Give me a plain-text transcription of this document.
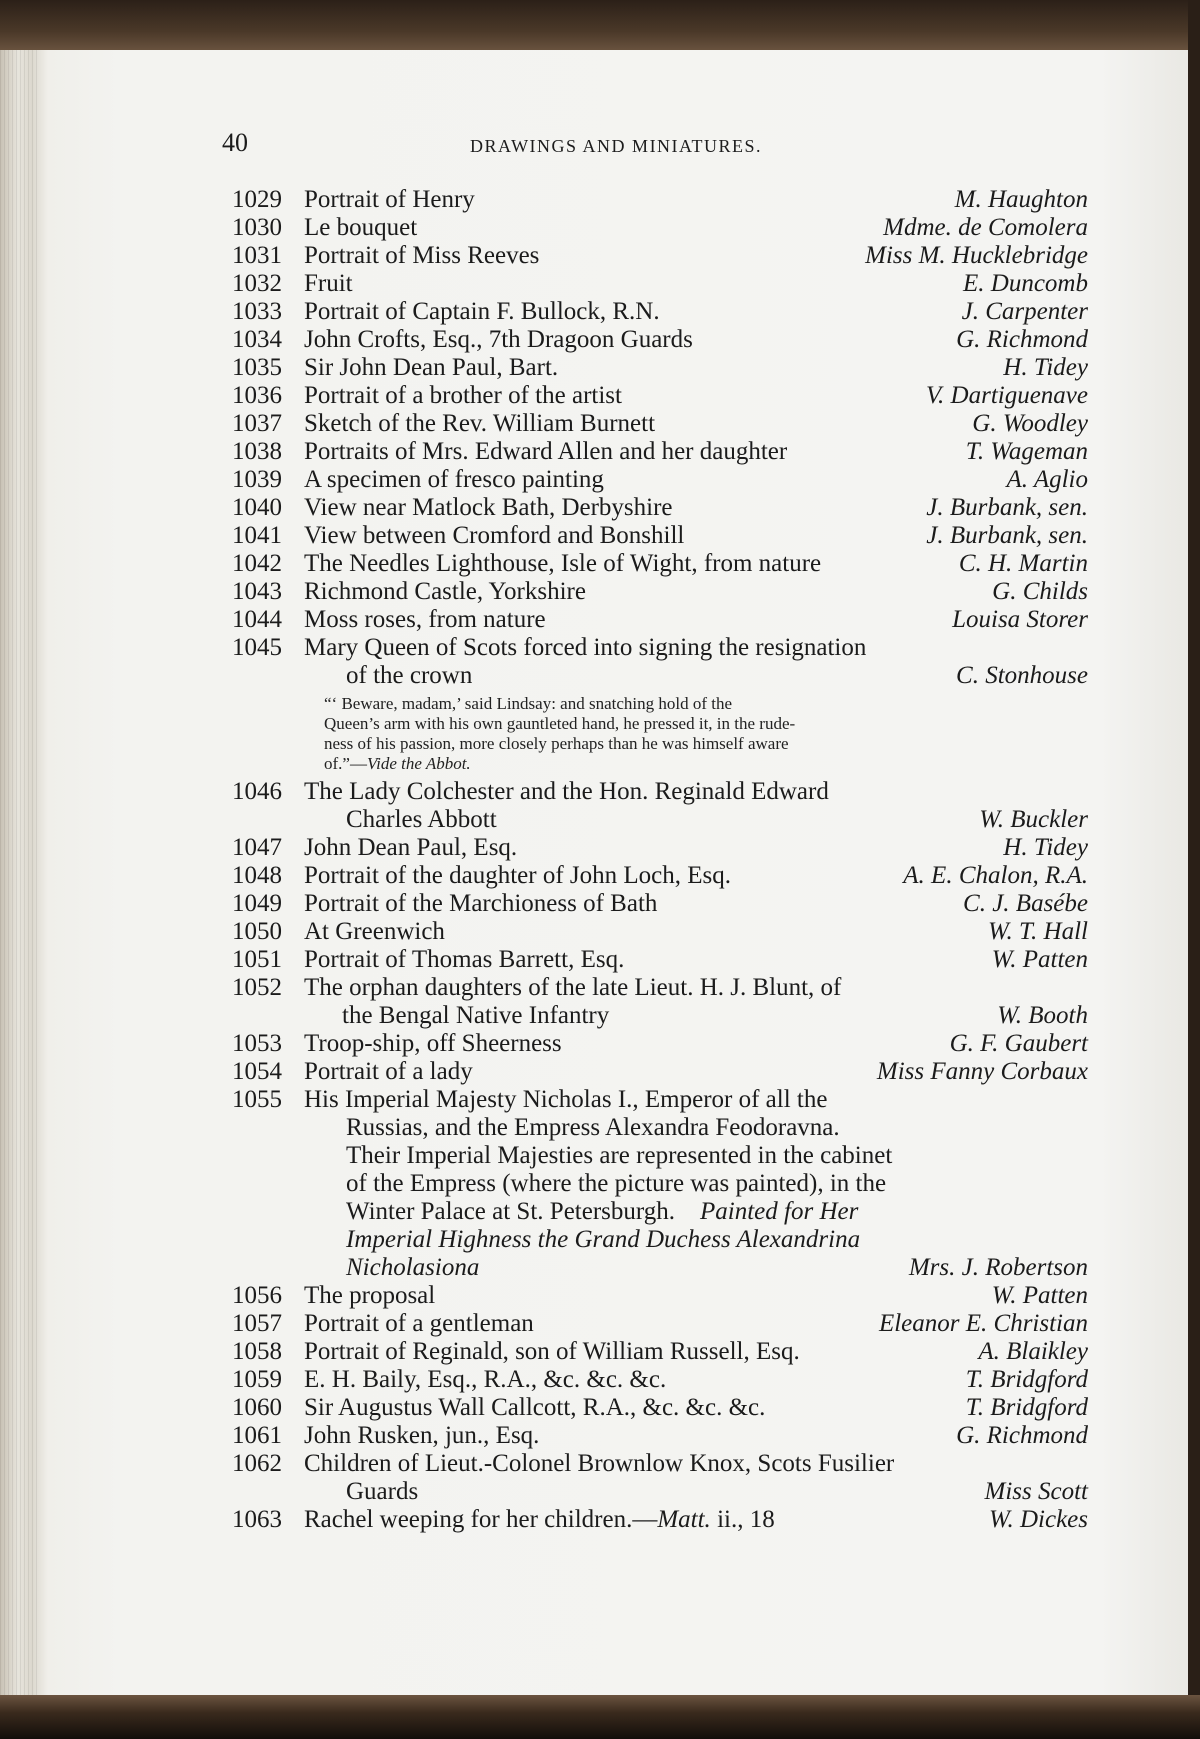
40	DRAWINGS AND MINIATURES.
1029 Portrait of Henry	M. Haughton
1030 Le bouquet	Mdme. de Comolera
1031 Portrait of Miss Reeves	Miss M. Hucklebridge
1032 Fruit	E. Duncomb
1033 Portrait of Captain F. Bullock, R.N.	J. Carpenter
1034 John Crofts, Esq., 7th Dragoon Guards	G. Richmond
1035 Sir John Dean Paul, Bart.	H. Tidey
1036 Portrait of a brother of the artist	V. Dartiguenave
1037 Sketch of the Rev. William Burnett	G. Woodley
1038 Portraits of Mrs. Edward Allen and her daughter	T. Wageman
1039 A specimen of fresco painting	A. Aglio
1040 View near Matlock Bath, Derbyshire	J. Burbank, sen.
1041 View between Cromford and Bonshill	J. Burbank, sen.
1042 The Needles Lighthouse, Isle of Wight, from nature	C. H. Martin
1043 Richmond Castle, Yorkshire	G. Childs
1044 Moss roses, from nature	Louisa Storer
1045 Mary Queen of Scots forced into signing the resignation
of the crown	C. Stonhouse
“‘ Beware, madam,’ said Lindsay: and snatching hold of the
Queen’s arm with his own gauntleted hand, he pressed it, in the rude-
ness of his passion, more closely perhaps than he was himself aware
of.”—Vide the Abbot.
1046 The Lady Colchester and the Hon. Reginald Edward
Charles Abbott	W. Buckler
1047 John Dean Paul, Esq.	H. Tidey
1048 Portrait of the daughter of John Loch, Esq.	A. E. Chalon, R.A.
1049 Portrait of the Marchioness of Bath	C. J. Basébe
1050 At Greenwich	W. T. Hall
1051 Portrait of Thomas Barrett, Esq.	W. Patten
1052 The orphan daughters of the late Lieut. H. J. Blunt, of
the Bengal Native Infantry	W. Booth
1053 Troop-ship, off Sheerness	G. F. Gaubert
1054 Portrait of a lady	Miss Fanny Corbaux
1055 His Imperial Majesty Nicholas I., Emperor of all the
Russias, and the Empress Alexandra Feodoravna.
Their Imperial Majesties are represented in the cabinet
of the Empress (where the picture was painted), in the
Winter Palace at St. Petersburgh. Painted for Her
Imperial Highness the Grand Duchess Alexandrina
Nicholasiona	Mrs. J. Robertson
1056 The proposal	W. Patten
1057 Portrait of a gentleman	Eleanor E. Christian
1058 Portrait of Reginald, son of William Russell, Esq.	A. Blaikley
1059 E. H. Baily, Esq., R.A., &c. &c. &c.	T. Bridgford
1060 Sir Augustus Wall Callcott, R.A., &c. &c. &c.	T. Bridgford
1061 John Rusken, jun., Esq.	G. Richmond
1062 Children of Lieut.-Colonel Brownlow Knox, Scots Fusilier
Guards	Miss Scott
1063 Rachel weeping for her children.—Matt. ii., 18	W. Dickes
